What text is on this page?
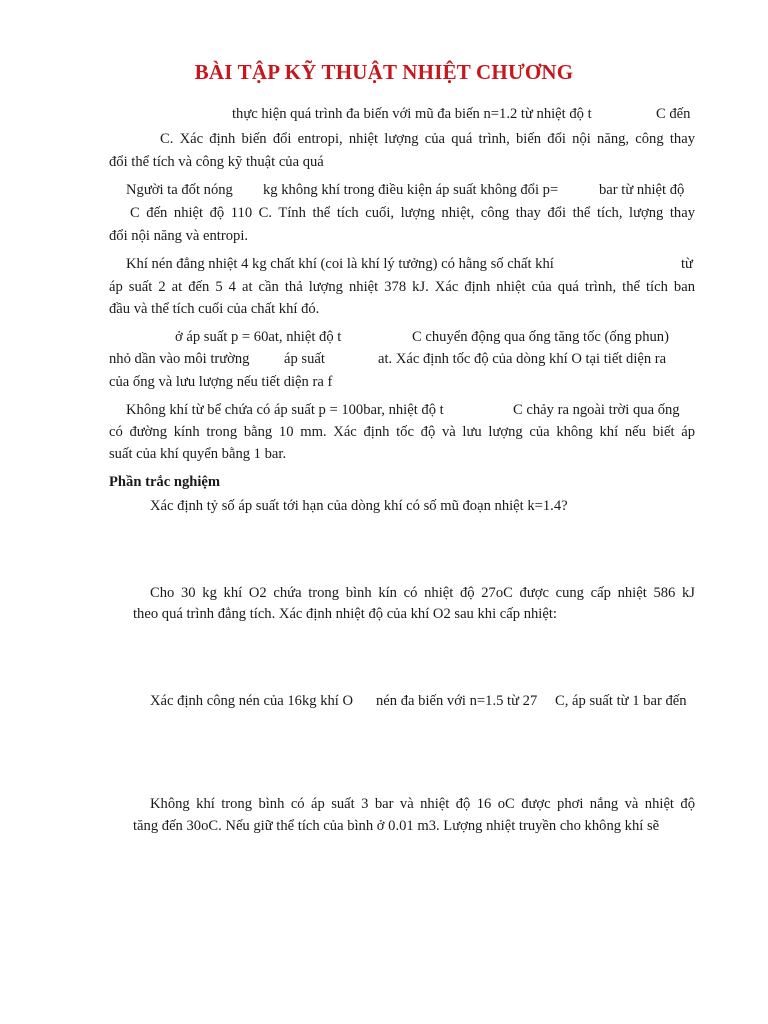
BÀI TẬP KỸ THUẬT NHIỆT CHƯƠNG
thực hiện quá trình đa biến với mũ đa biến n=1.2 từ nhiệt độ t	C đến
C. Xác định biến đổi entropi, nhiệt lượng của quá trình, biến đổi nội năng, công thay
đổi thể tích và công kỹ thuật của quá
Người ta đốt nóng kg không khí trong điều kiện áp suất không đổi p=	bar từ nhiệt độ
C đến nhiệt độ 110 C. Tính thể tích cuối, lượng nhiệt, công thay đổi thể tích, lượng thay
đổi nội năng và entropi.
Khí nén đẳng nhiệt 4 kg chất khí (coi là khí lý tưởng) có hằng số chất khí	từ
áp suất 2 at đến 5 4 at cần thả lượng nhiệt 378 kJ. Xác định nhiệt của quá trình, thể tích ban
đầu và thể tích cuối của chất khí đó.
ở áp suất p = 60at, nhiệt độ t	C chuyển động qua ống tăng tốc (ống phun)
nhỏ dần vào môi trường áp suất	at. Xác định tốc độ của dòng khí O tại tiết diện ra
của ống và lưu lượng nếu tiết diện ra f
Không khí từ bể chứa có áp suất p = 100bar, nhiệt độ t	C chảy ra ngoài trời qua ống
có đường kính trong bằng 10 mm. Xác định tốc độ và lưu lượng của không khí nếu biết áp
suất của khí quyển bằng 1 bar.
Phần trắc nghiệm
Xác định tỷ số áp suất tới hạn của dòng khí có số mũ đoạn nhiệt k=1.4?
Cho 30 kg khí O2 chứa trong bình kín có nhiệt độ 27oC được cung cấp nhiệt 586 kJ
theo quá trình đẳng tích. Xác định nhiệt độ của khí O2 sau khi cấp nhiệt:
Xác định công nén của 16kg khí O nén đa biến với n=1.5 từ 27 C, áp suất từ 1 bar đến
Không khí trong bình có áp suất 3 bar và nhiệt độ 16 oC được phơi nắng và nhiệt độ
tăng đến 30oC. Nếu giữ thể tích của bình ở 0.01 m3. Lượng nhiệt truyền cho không khí sẽ
